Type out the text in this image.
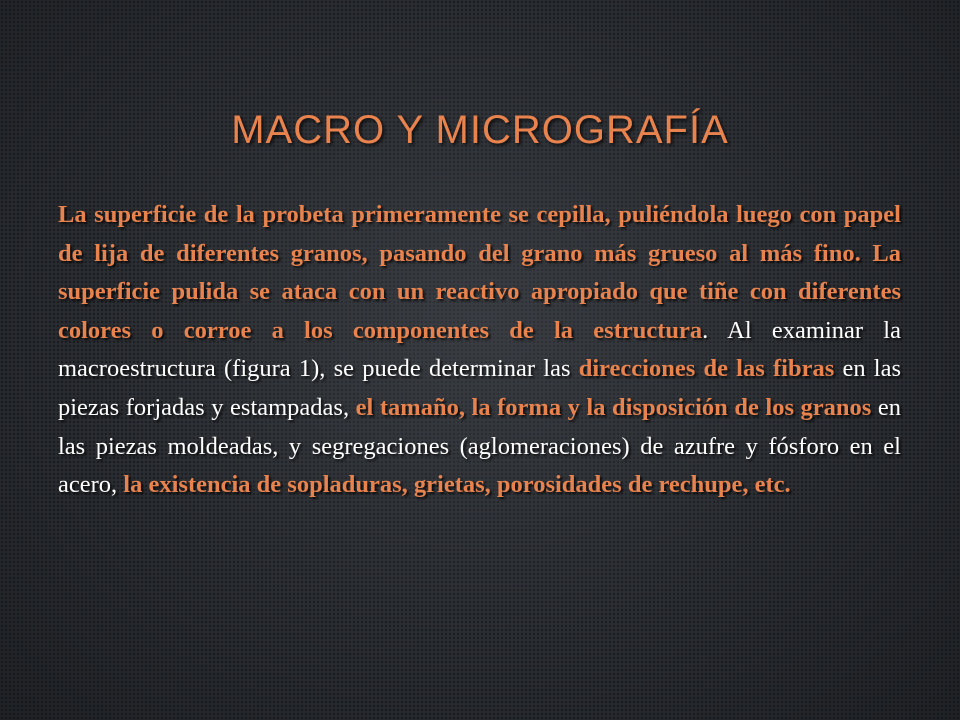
MACRO Y MICROGRAFÍA

La superficie de la probeta primeramente se cepilla, puliéndola luego con papel de lija de diferentes granos, pasando del grano más grueso al más fino. La superficie pulida se ataca con un reactivo apropiado que tiñe con diferentes colores o corroe a los componentes de la estructura. Al examinar la macroestructura (figura 1), se puede determinar las direcciones de las fibras en las piezas forjadas y estampadas, el tamaño, la forma y la disposición de los granos en las piezas moldeadas, y segregaciones (aglomeraciones) de azufre y fósforo en el acero, la existencia de sopladuras, grietas, porosidades de rechupe, etc.
